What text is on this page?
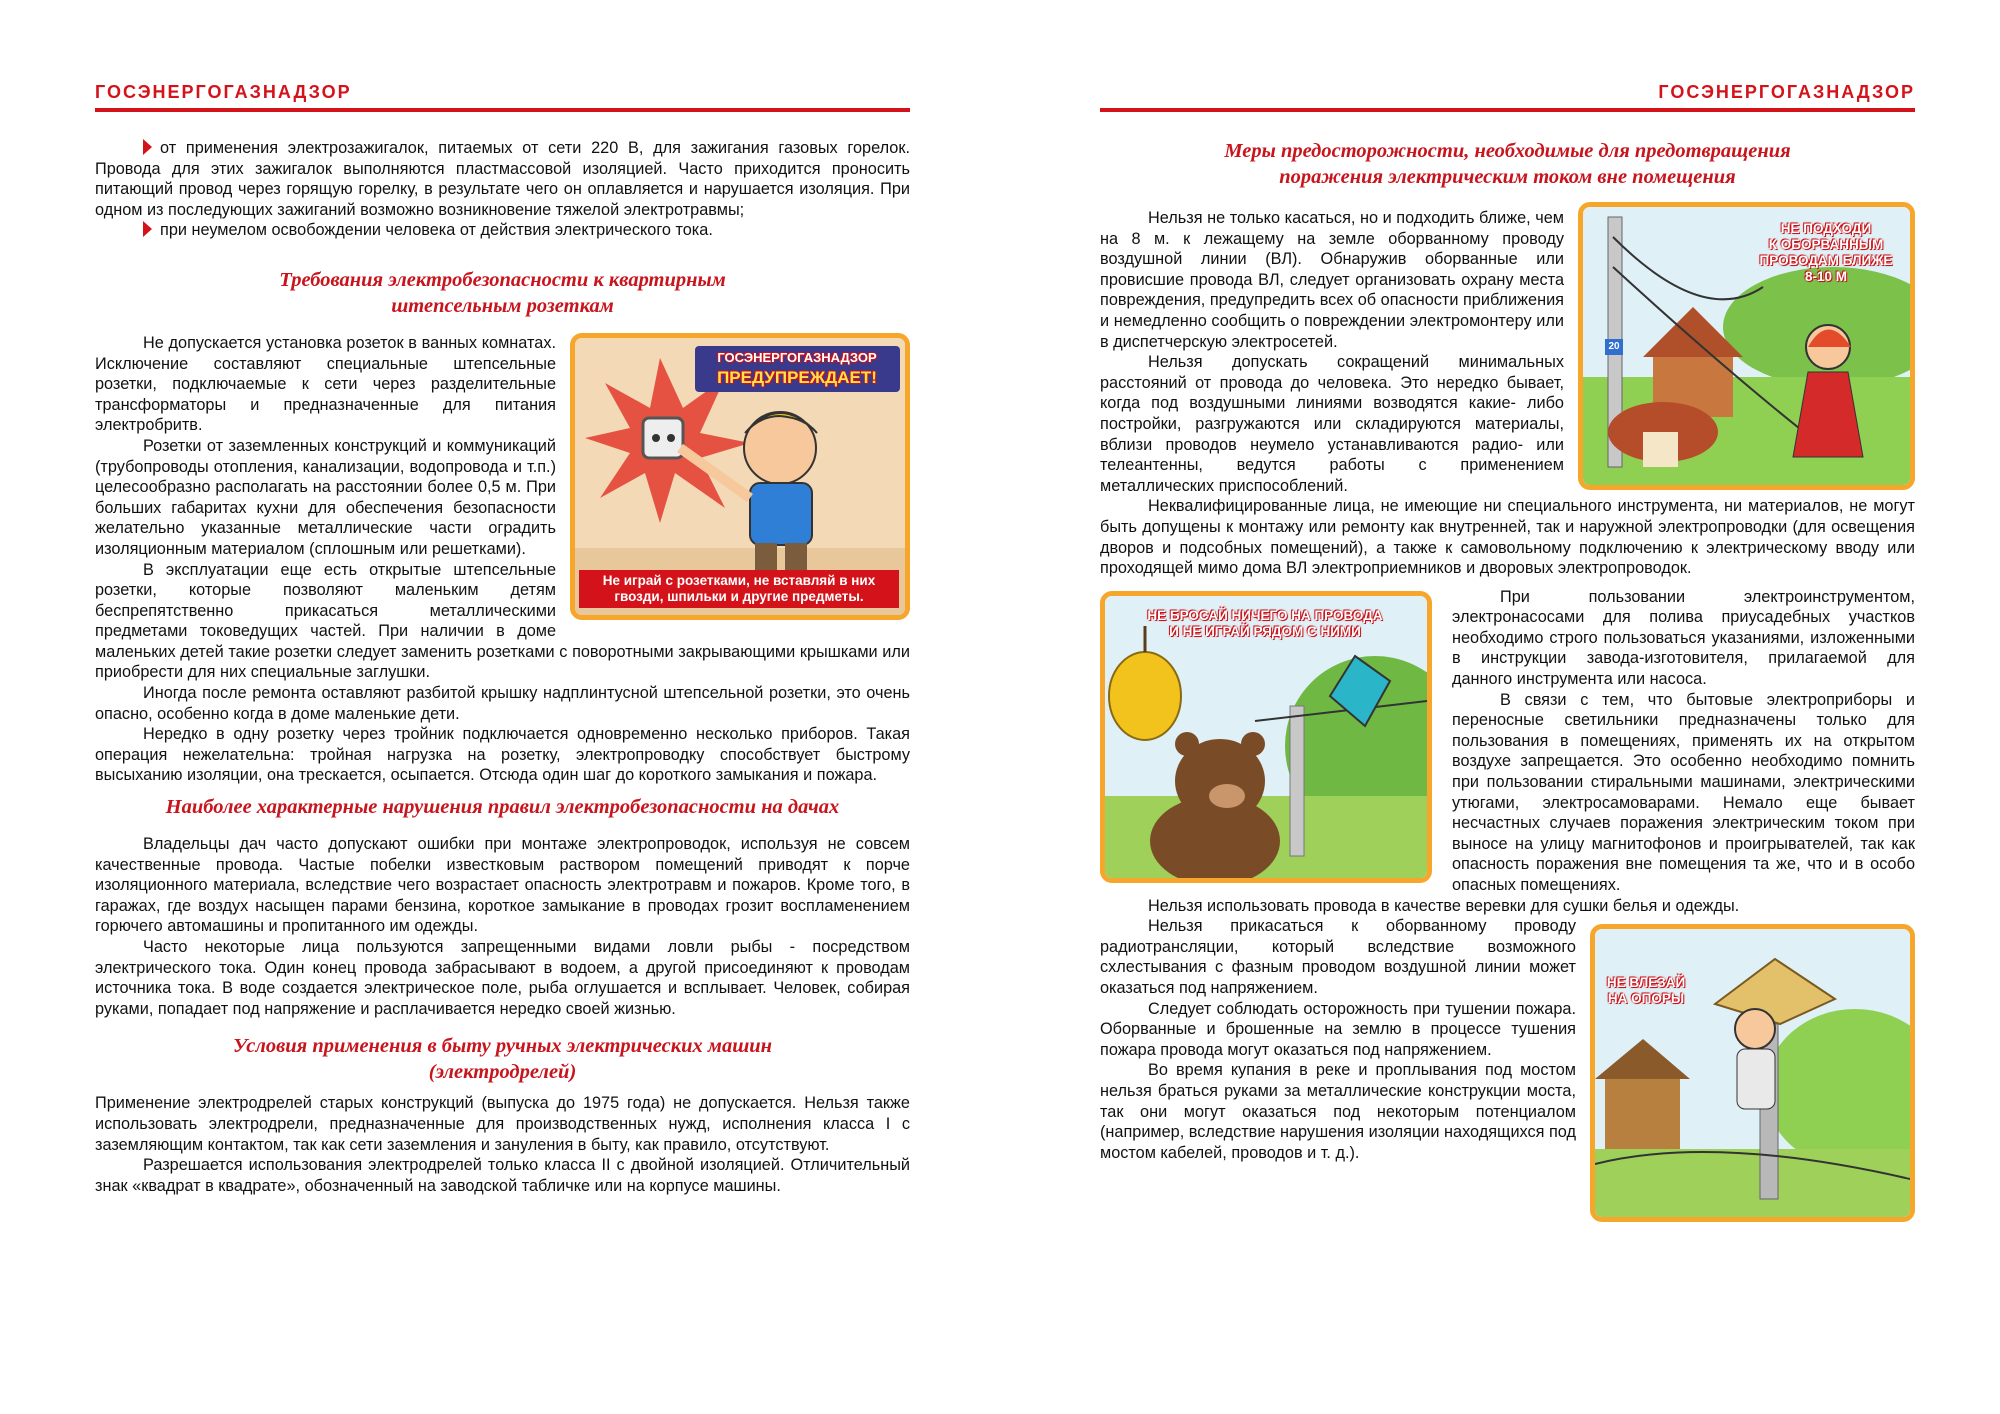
ГОСЭНЕРГОГАЗНАДЗОР

от применения электрозажигалок, питаемых от сети 220 В, для зажигания газовых горелок. Провода для этих зажигалок выполняются пластмассовой изоляцией. Часто приходится проносить питающий провод через горящую горелку, в результате чего он оплавляется и нарушается изоляция. При одном из последующих зажиганий возможно возникновение тяжелой электротравмы;

при неумелом освобождении человека от действия электрического тока.

Требования электробезопасности к квартирным
штепсельным розеткам
ГОСЭНЕРГОГАЗНАДЗОР
ПРЕДУПРЕЖДАЕТ!
Не играй с розетками, не вставляй в них гвозди, шпильки и другие предметы.

Не допускается установка розеток в ванных комнатах. Исключение составляют специальные штепсельные розетки, подключаемые к сети через разделительные трансформаторы и предназначенные для питания электробритв.

Розетки от заземленных конструкций и коммуникаций (трубопроводы отопления, канализации, водопровода и т.п.) целесообразно располагать на расстоянии более 0,5 м. При больших габаритах кухни для обеспечения безопасности желательно указанные металлические части оградить изоляционным материалом (сплошным или решетками).

В эксплуатации еще есть открытые штепсельные розетки, которые позволяют маленьким детям беспрепятственно прикасаться металлическими предметами токоведущих частей. При наличии в доме маленьких детей такие розетки следует заменить розетками с поворотными закрывающими крышками или приобрести для них специальные заглушки.

Иногда после ремонта оставляют разбитой крышку надплинтусной штепсельной розетки, это очень опасно, особенно когда в доме маленькие дети.

Нередко в одну розетку через тройник подключается одновременно несколько приборов. Такая операция нежелательна: тройная нагрузка на розетку, электропроводку способствует быстрому высыханию изоляции, она трескается, осыпается. Отсюда один шаг до короткого замыкания и пожара.

Наиболее характерные нарушения правил электробезопасности на дачах

Владельцы дач часто допускают ошибки при монтаже электропроводок, используя не совсем качественные провода. Частые побелки известковым раствором помещений приводят к порче изоляционного материала, вследствие чего возрастает опасность электротравм и пожаров. Кроме того, в гаражах, где воздух насыщен парами бензина, короткое замыкание в проводах грозит воспламенением горючего автомашины и пропитанного им одежды.

Часто некоторые лица пользуются запрещенными видами ловли рыбы - посредством электрического тока. Один конец провода забрасывают в водоем, а другой присоединяют к проводам источника тока. В воде создается электрическое поле, рыба оглушается и всплывает. Человек, собирая руками, попадает под напряжение и расплачивается нередко своей жизнью.

Условия применения в быту ручных электрических машин
(электродрелей)

Применение электродрелей старых конструкций (выпуска до 1975 года) не допускается. Нельзя также использовать электродрели, предназначенные для производственных нужд, исполнения класса I с заземляющим контактом, так как сети заземления и зануления в быту, как правило, отсутствуют.

Разрешается использования электродрелей только класса II с двойной изоляцией. Отличительный знак «квадрат в квадрате», обозначенный на заводской табличке или на корпусе машины.

ГОСЭНЕРГОГАЗНАДЗОР
Меры предосторожности, необходимые для предотвращения
поражения электрическим током вне помещения
НЕ ПОДХОДИ
К ОБОРВАННЫМ
ПРОВОДАМ БЛИЖЕ
8-10 М
20

Нельзя не только касаться, но и подходить ближе, чем на 8 м. к лежащему на земле оборванному проводу воздушной линии (ВЛ). Обнаружив оборванные или провисшие провода ВЛ, следует организовать охрану места повреждения, предупредить всех об опасности приближения и немедленно сообщить о повреждении электромонтеру или в диспетчерскую электросетей.

Нельзя допускать сокращений минимальных расстояний от провода до человека. Это нередко бывает, когда под воздушными линиями возводятся какие- либо постройки, разгружаются или складируются материалы, вблизи проводов неумело устанавливаются радио- или телеантенны, ведутся работы с применением металлических приспособлений.

Неквалифицированные лица, не имеющие ни специального инструмента, ни материалов, не могут быть допущены к монтажу или ремонту как внутренней, так и наружной электропроводки (для освещения дворов и подсобных помещений), а также к самовольному подключению к электрическому вводу или проходящей мимо дома ВЛ электроприемников и дворовых электропроводок.

НЕ БРОСАЙ НИЧЕГО НА ПРОВОДА
И НЕ ИГРАЙ РЯДОМ С НИМИ

При пользовании электроинструментом, электронасосами для полива приусадебных участков необходимо строго пользоваться указаниями, изложенными в инструкции завода-изготовителя, прилагаемой для данного инструмента или насоса.

В связи с тем, что бытовые электроприборы и переносные светильники предназначены только для пользования в помещениях, применять их на открытом воздухе запрещается. Это особенно необходимо помнить при пользовании стиральными машинами, электрическими утюгами, электросамоварами. Немало еще бывает несчастных случаев поражения электрическим током при выносе на улицу магнитофонов и проигрывателей, так как опасность поражения вне помещения та же, что и в особо опасных помещениях.

Нельзя использовать провода в качестве веревки для сушки белья и одежды.

НЕ ВЛЕЗАЙ
НА ОПОРЫ

Нельзя прикасаться к оборванному проводу радиотрансляции, который вследствие возможного схлестывания с фазным проводом воздушной линии может оказаться под напряжением.

Следует соблюдать осторожность при тушении пожара. Оборванные и брошенные на землю в процессе тушения пожара провода могут оказаться под напряжением.

Во время купания в реке и проплывания под мостом нельзя браться руками за металлические конструкции моста, так они могут оказаться под некоторым потенциалом (например, вследствие нарушения изоляции находящихся под мостом кабелей, проводов и т. д.).
